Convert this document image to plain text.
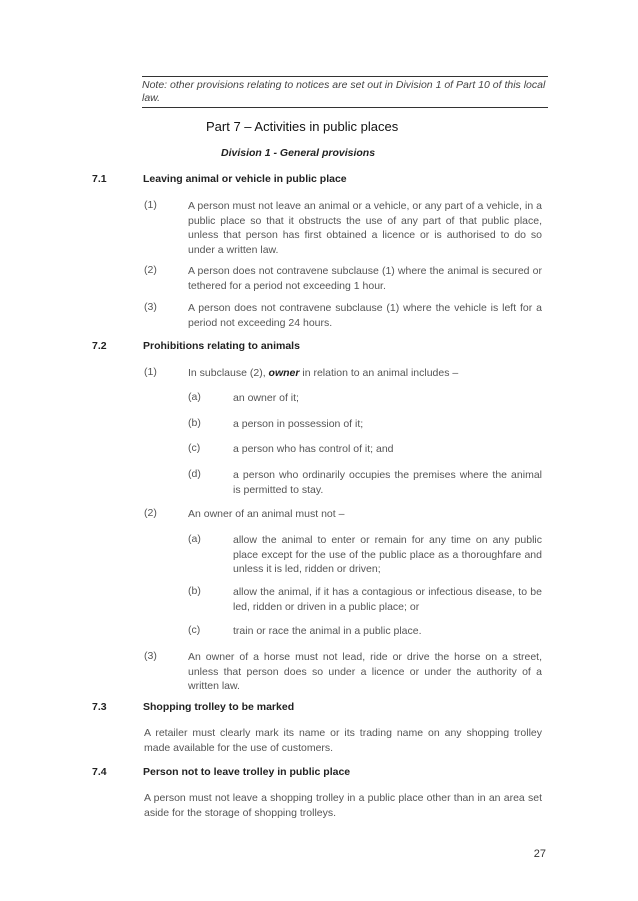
Note: other provisions relating to notices are set out in Division 1 of Part 10 of this local law.
Part 7 – Activities in public places
Division 1 - General provisions
7.1	Leaving animal or vehicle in public place
(1)	A person must not leave an animal or a vehicle, or any part of a vehicle, in a public place so that it obstructs the use of any part of that public place, unless that person has first obtained a licence or is authorised to do so under a written law.
(2)	A person does not contravene subclause (1) where the animal is secured or tethered for a period not exceeding 1 hour.
(3)	A person does not contravene subclause (1) where the vehicle is left for a period not exceeding 24 hours.
7.2	Prohibitions relating to animals
(1)	In subclause (2), owner in relation to an animal includes –
(a)	an owner of it;
(b)	a person in possession of it;
(c)	a person who has control of it; and
(d)	a person who ordinarily occupies the premises where the animal is permitted to stay.
(2)	An owner of an animal must not –
(a)	allow the animal to enter or remain for any time on any public place except for the use of the public place as a thoroughfare and unless it is led, ridden or driven;
(b)	allow the animal, if it has a contagious or infectious disease, to be led, ridden or driven in a public place; or
(c)	train or race the animal in a public place.
(3)	An owner of a horse must not lead, ride or drive the horse on a street, unless that person does so under a licence or under the authority of a written law.
7.3	Shopping trolley to be marked
A retailer must clearly mark its name or its trading name on any shopping trolley made available for the use of customers.
7.4	Person not to leave trolley in public place
A person must not leave a shopping trolley in a public place other than in an area set aside for the storage of shopping trolleys.
27
